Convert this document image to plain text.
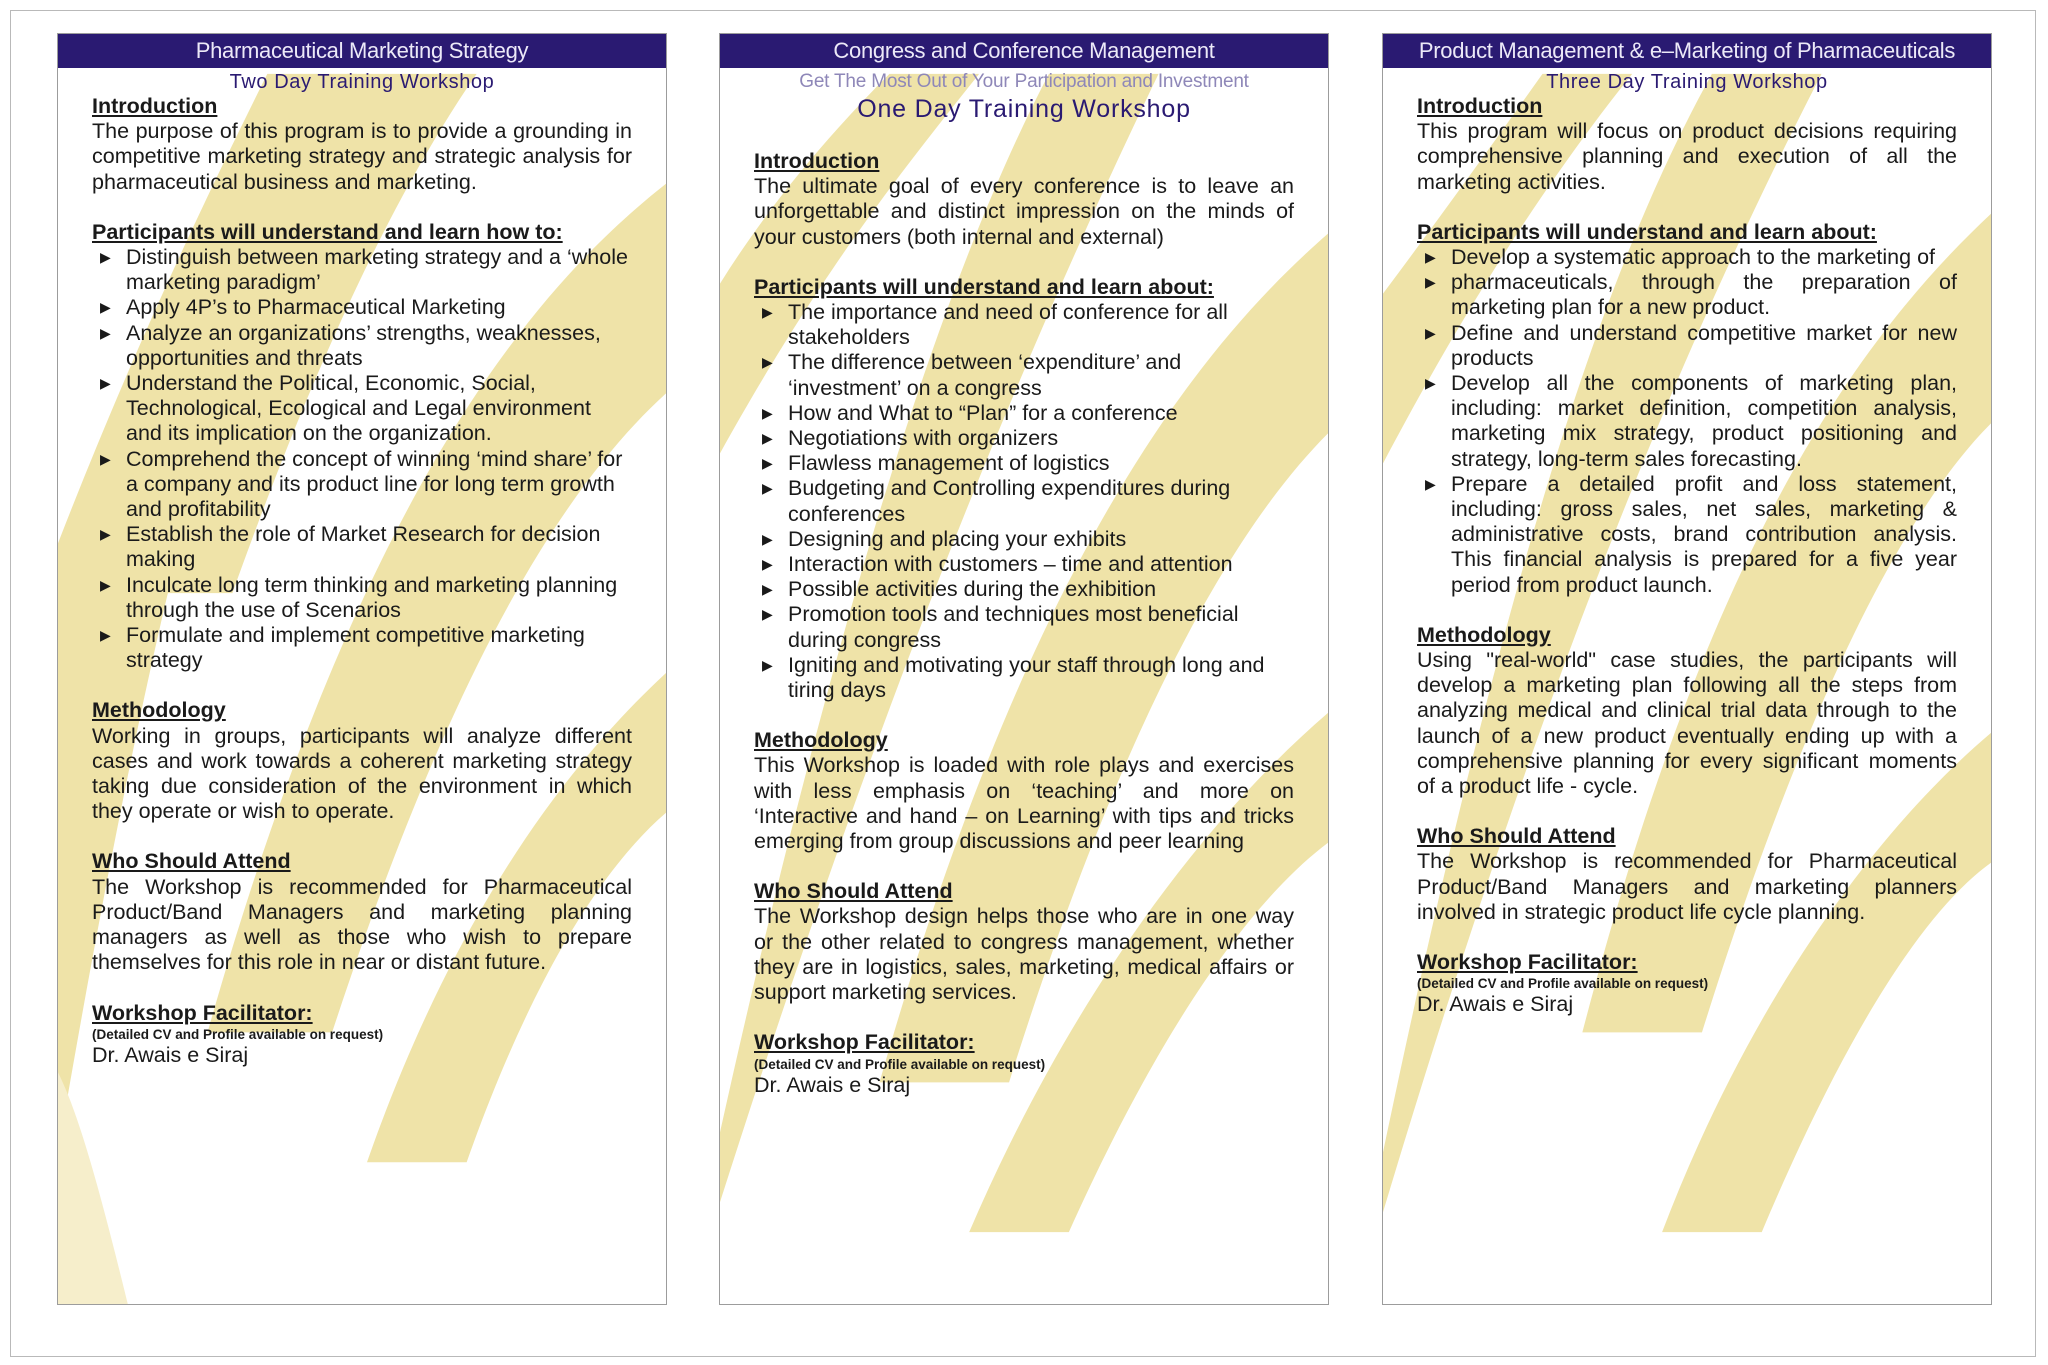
Pharmaceutical Marketing Strategy
Two Day Training Workshop
Introduction

The purpose of this program is to provide a grounding in competitive marketing strategy and strategic analysis for pharmaceutical business and marketing.

Participants will understand and learn how to:
▶ Distinguish between marketing strategy and a ‘whole marketing paradigm’
▶ Apply 4P’s to Pharmaceutical Marketing
▶ Analyze an organizations’ strengths, weaknesses, opportunities and threats
▶ Understand the Political, Economic, Social, Technological, Ecological and Legal environment and its implication on the organization.
▶ Comprehend the concept of winning ‘mind share’ for a company and its product line for long term growth and profitability
▶ Establish the role of Market Research for decision making
▶ Inculcate long term thinking and marketing planning through the use of Scenarios
▶ Formulate and implement competitive marketing strategy
Methodology

Working in groups, participants will analyze different cases and work towards a coherent marketing strategy taking due consideration of the environment in which they operate or wish to operate.

Who Should Attend

The Workshop is recommended for Pharmaceutical Product/Band Managers and marketing planning managers as well as those who wish to prepare themselves for this role in near or distant future.

Workshop Facilitator:
(Detailed CV and Profile available on request)
Dr. Awais e Siraj
Congress and Conference Management
Get The Most Out of Your Participation and Investment
One Day Training Workshop
Introduction

The ultimate goal of every conference is to leave an unforgettable and distinct impression on the minds of your customers (both internal and external)

Participants will understand and learn about:
▶ The importance and need of conference for all stakeholders
▶ The difference between ‘expenditure’ and ‘investment’ on a congress
▶ How and What to “Plan” for a conference
▶ Negotiations with organizers
▶ Flawless management of logistics
▶ Budgeting and Controlling expenditures during conferences
▶ Designing and placing your exhibits
▶ Interaction with customers – time and attention
▶ Possible activities during the exhibition
▶ Promotion tools and techniques most beneficial during congress
▶ Igniting and motivating your staff through long and tiring days
Methodology

This Workshop is loaded with role plays and exercises with less emphasis on ‘teaching’ and more on ‘Interactive and hand – on Learning’ with tips and tricks emerging from group discussions and peer learning

Who Should Attend

The Workshop design helps those who are in one way or the other related to congress management, whether they are in logistics, sales, marketing, medical affairs or support marketing services.

Workshop Facilitator:
(Detailed CV and Profile available on request)
Dr. Awais e Siraj
Product Management & e–Marketing of Pharmaceuticals
Three Day Training Workshop
Introduction

This program will focus on product decisions requiring comprehensive planning and execution of all the marketing activities.

Participants will understand and learn about:
▶ Develop a systematic approach to the marketing of
▶ pharmaceuticals, through the preparation of marketing plan for a new product.
▶ Define and understand competitive market for new products
▶ Develop all the components of marketing plan, including: market definition, competition analysis, marketing mix strategy, product positioning and strategy, long-term sales forecasting.
▶ Prepare a detailed profit and loss statement, including: gross sales, net sales, marketing & administrative costs, brand contribution analysis. This financial analysis is prepared for a five year period from product launch.
Methodology

Using "real-world" case studies, the participants will develop a marketing plan following all the steps from analyzing medical and clinical trial data through to the launch of a new product eventually ending up with a comprehensive planning for every significant moments of a product life - cycle.

Who Should Attend

The Workshop is recommended for Pharmaceutical Product/Band Managers and marketing planners involved in strategic product life cycle planning.

Workshop Facilitator:
(Detailed CV and Profile available on request)
Dr. Awais e Siraj
